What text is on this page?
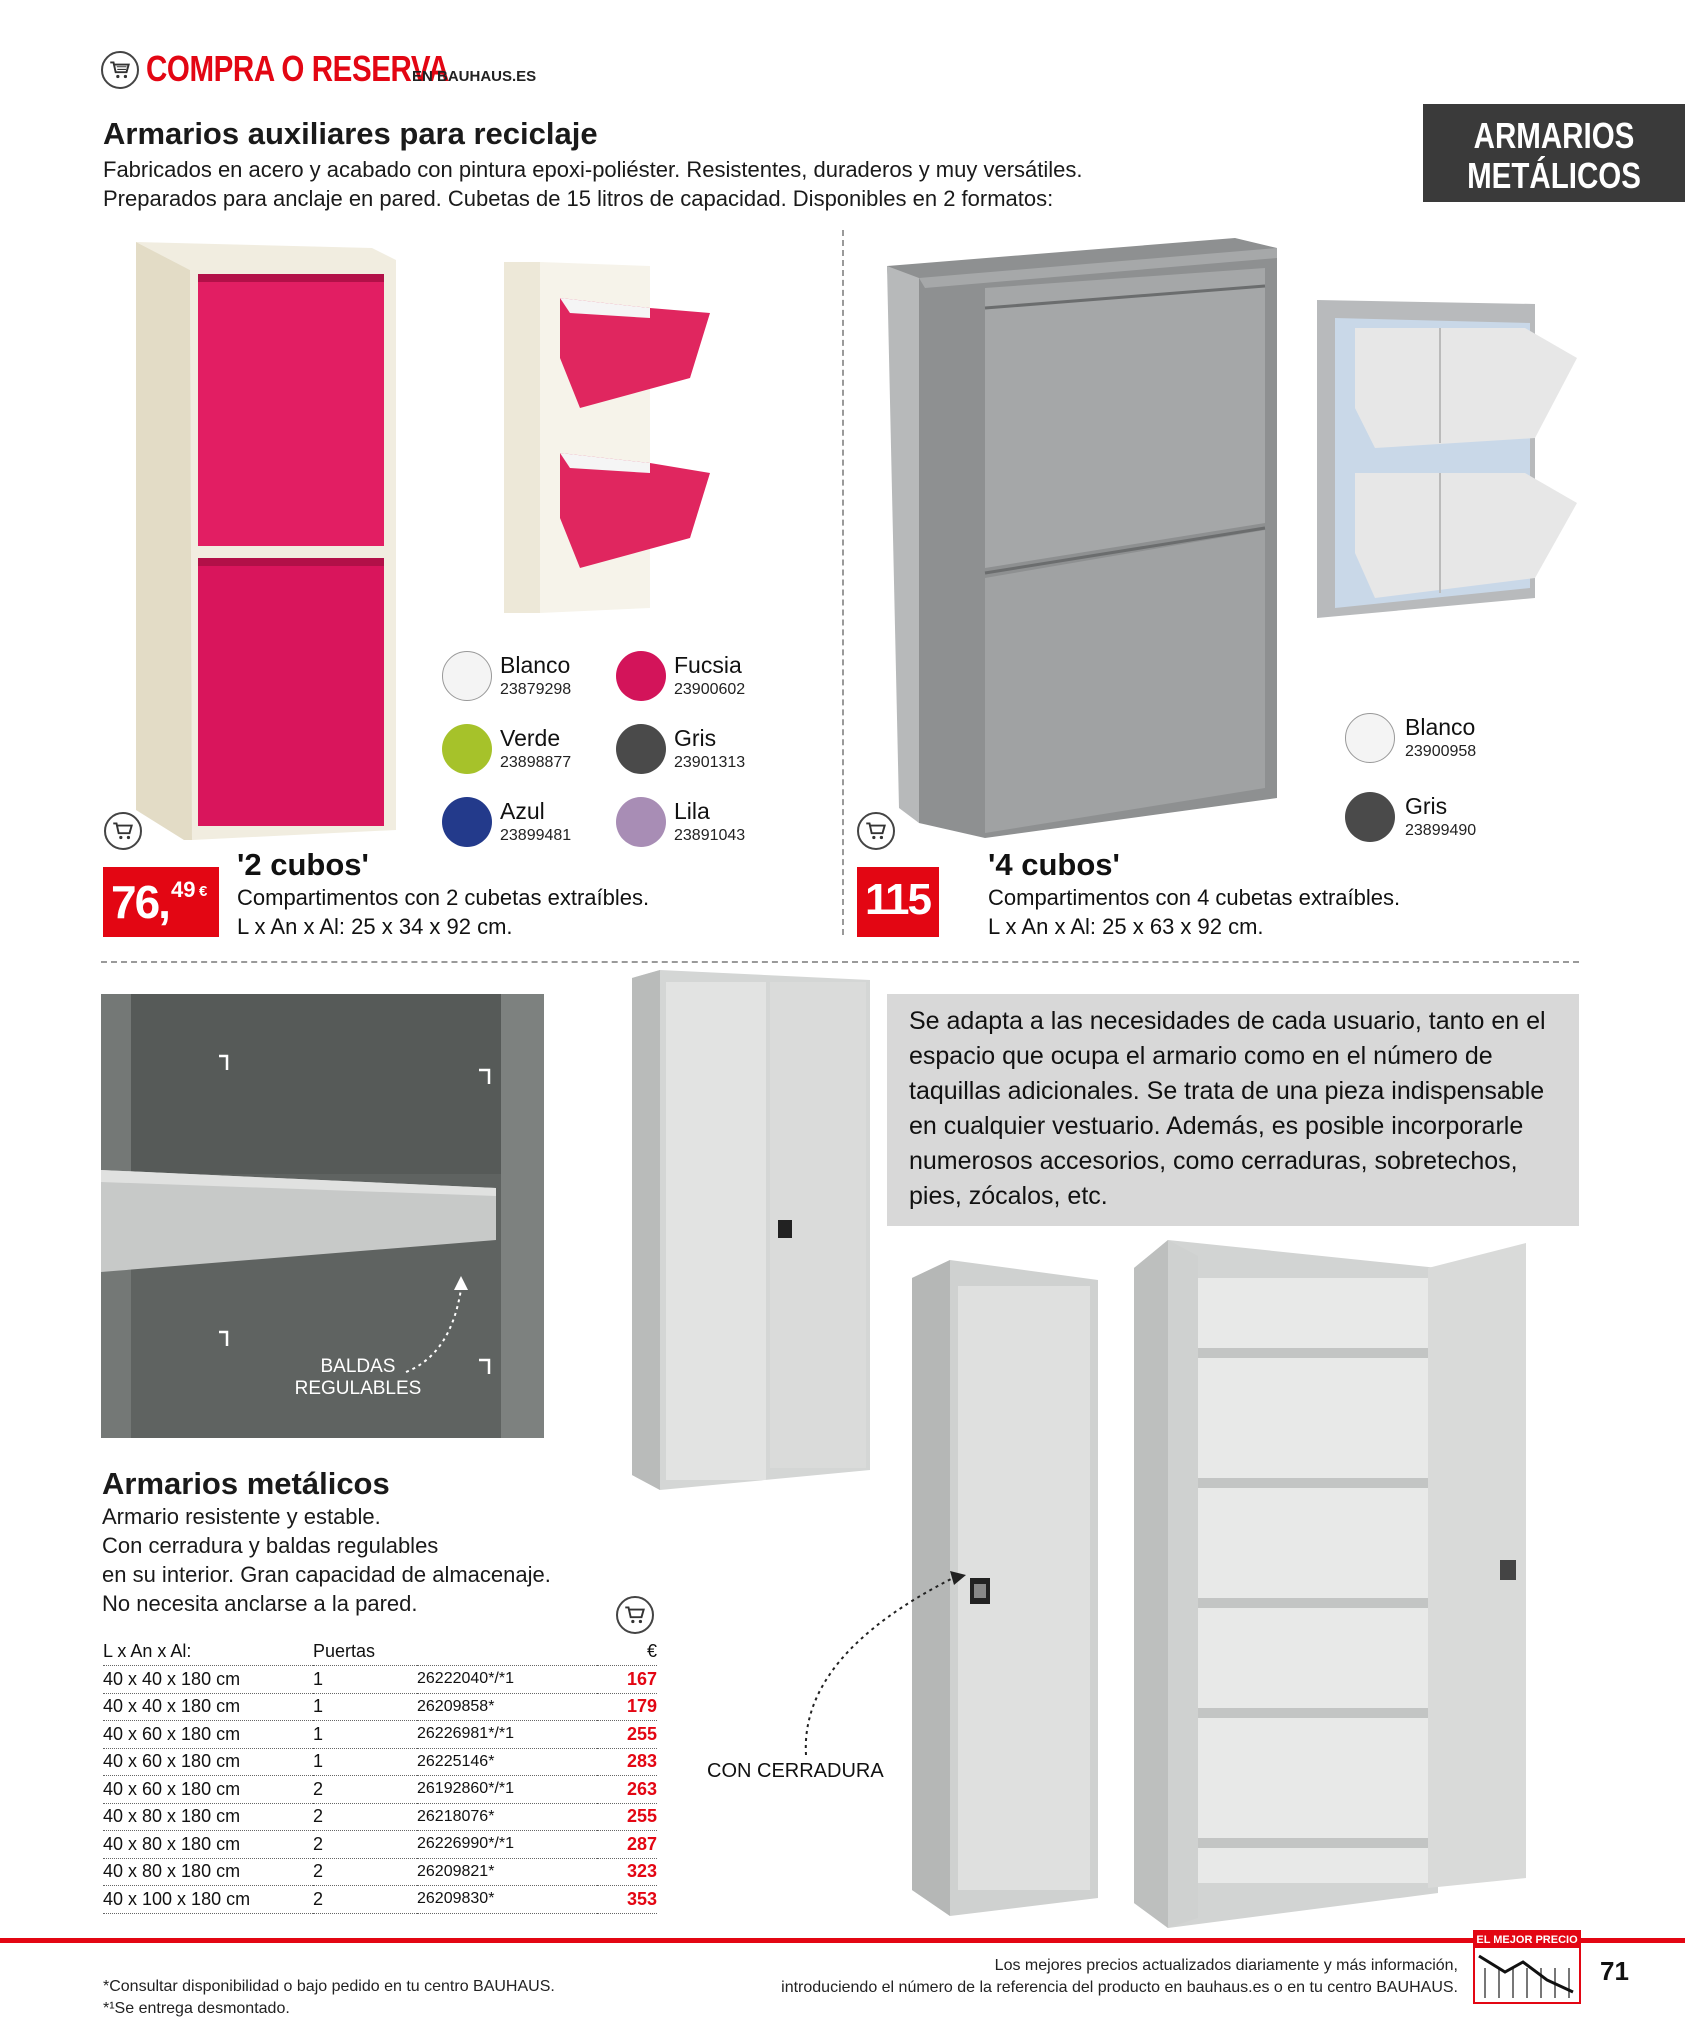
COMPRA O RESERVA
EN BAUHAUS.ES
ARMARIOS
METÁLICOS
Armarios auxiliares para reciclaje
Fabricados en acero y acabado con pintura epoxi-poliéster. Resistentes, duraderos y muy versátiles.
Preparados para anclaje en pared. Cubetas de 15 litros de capacidad. Disponibles en 2 formatos:
Blanco
23879298
Fucsia
23900602
Verde
23898877
Gris
23901313
Azul
23899481
Lila
23891043
76, 49 €
'2 cubos'
Compartimentos con 2 cubetas extraíbles.
L x An x Al: 25 x 34 x 92 cm.
Blanco
23900958
Gris
23899490
115 €
'4 cubos'
Compartimentos con 4 cubetas extraíbles.
L x An x Al: 25 x 63 x 92 cm.
BALDAS
REGULABLES
Se adapta a las necesidades de cada usuario, tanto en el espacio que ocupa el armario como en el número de taquillas adicionales. Se trata de una pieza indispensable en cualquier vestuario. Además, es posible incorporarle numerosos accesorios, como cerraduras, sobretechos, pies, zócalos, etc.
CON CERRADURA
Armarios metálicos
Armario resistente y estable.
Con cerradura y baldas regulables
en su interior. Gran capacidad de almacenaje.
No necesita anclarse a la pared.
L x An x Al:	Puertas		€
40 x 40 x 180 cm	1	26222040*/*1	167
40 x 40 x 180 cm	1	26209858*	179
40 x 60 x 180 cm	1	26226981*/*1	255
40 x 60 x 180 cm	1	26225146*	283
40 x 60 x 180 cm	2	26192860*/*1	263
40 x 80 x 180 cm	2	26218076*	255
40 x 80 x 180 cm	2	26226990*/*1	287
40 x 80 x 180 cm	2	26209821*	323
40 x 100 x 180 cm	2	26209830*	353
*Consultar disponibilidad o bajo pedido en tu centro BAUHAUS.
*¹Se entrega desmontado.
Los mejores precios actualizados diariamente y más información,
introduciendo el número de la referencia del producto en bauhaus.es o en tu centro BAUHAUS.
EL MEJOR PRECIO
71
